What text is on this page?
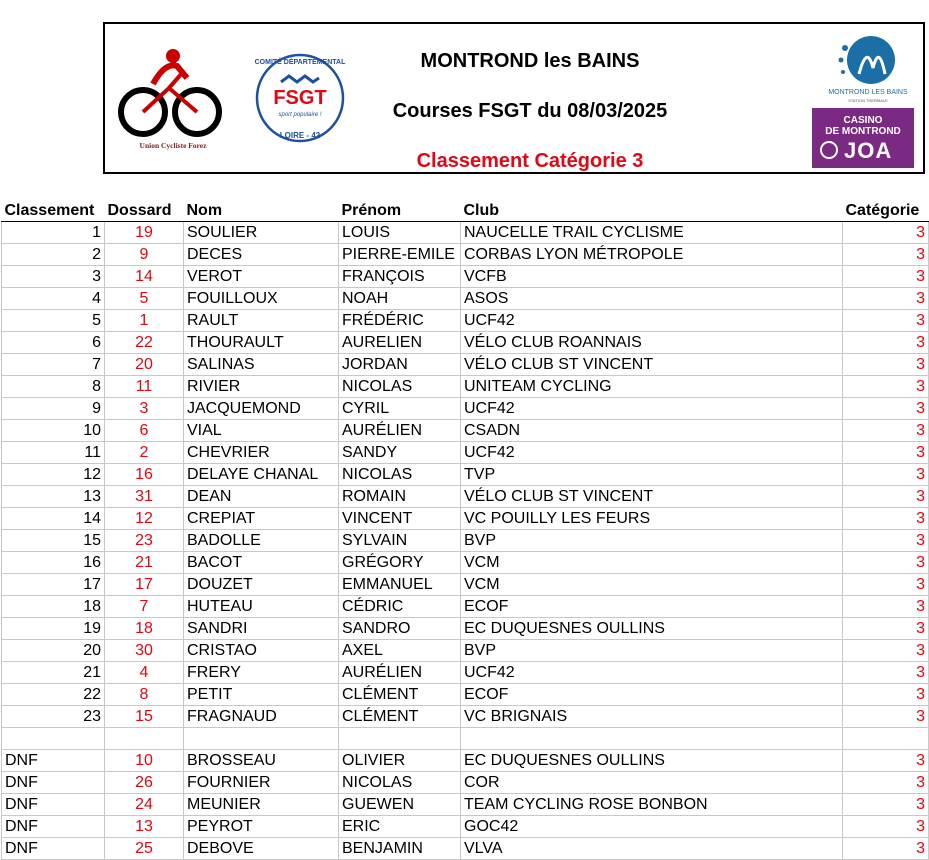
Union Cycliste Forez
COMITÉ DÉPARTEMENTAL
FSGT
sport populaire !
LOIRE - 42
MONTROND les BAINS
Courses FSGT du 08/03/2025
Classement Catégorie 3
MONTROND LES BAINS
STATION THERMALE
CASINO
DE MONTROND
JOA
Classement	Dossard	Nom	Prénom	Club	Catégorie
1	19	SOULIER	LOUIS	NAUCELLE TRAIL CYCLISME	3
2	9	DECES	PIERRE-EMILE	CORBAS LYON MÉTROPOLE	3
3	14	VEROT	FRANÇOIS	VCFB	3
4	5	FOUILLOUX	NOAH	ASOS	3
5	1	RAULT	FRÉDÉRIC	UCF42	3
6	22	THOURAULT	AURELIEN	VÉLO CLUB ROANNAIS	3
7	20	SALINAS	JORDAN	VÉLO CLUB ST VINCENT	3
8	11	RIVIER	NICOLAS	UNITEAM CYCLING	3
9	3	JACQUEMOND	CYRIL	UCF42	3
10	6	VIAL	AURÉLIEN	CSADN	3
11	2	CHEVRIER	SANDY	UCF42	3
12	16	DELAYE CHANAL	NICOLAS	TVP	3
13	31	DEAN	ROMAIN	VÉLO CLUB ST VINCENT	3
14	12	CREPIAT	VINCENT	VC POUILLY LES FEURS	3
15	23	BADOLLE	SYLVAIN	BVP	3
16	21	BACOT	GRÉGORY	VCM	3
17	17	DOUZET	EMMANUEL	VCM	3
18	7	HUTEAU	CÉDRIC	ECOF	3
19	18	SANDRI	SANDRO	EC DUQUESNES OULLINS	3
20	30	CRISTAO	AXEL	BVP	3
21	4	FRERY	AURÉLIEN	UCF42	3
22	8	PETIT	CLÉMENT	ECOF	3
23	15	FRAGNAUD	CLÉMENT	VC BRIGNAIS	3

DNF	10	BROSSEAU	OLIVIER	EC DUQUESNES OULLINS	3
DNF	26	FOURNIER	NICOLAS	COR	3
DNF	24	MEUNIER	GUEWEN	TEAM CYCLING ROSE BONBON	3
DNF	13	PEYROT	ERIC	GOC42	3
DNF	25	DEBOVE	BENJAMIN	VLVA	3
